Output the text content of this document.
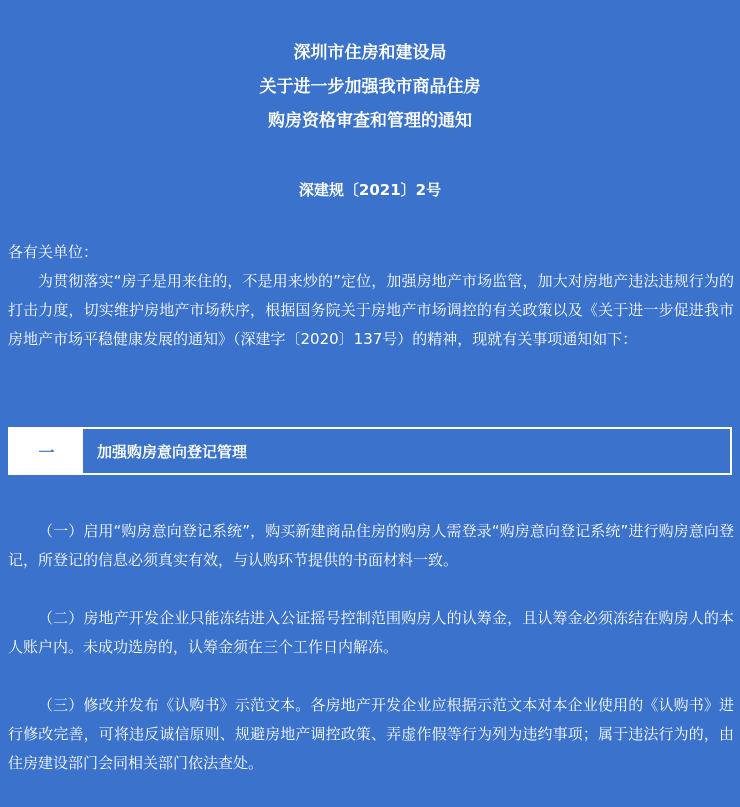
深圳市住房和建设局
关于进一步加强我市商品住房
购房资格审查和管理的通知
深建规〔2021〕2号

各有关单位：

为贯彻落实“房子是用来住的，不是用来炒的”定位，加强房地产市场监管，加大对房地产违法违规行为的打击力度，切实维护房地产市场秩序，根据国务院关于房地产市场调控的有关政策以及《关于进一步促进我市房地产市场平稳健康发展的通知》（深建字〔2020〕137号）的精神，现就有关事项通知如下：

一	加强购房意向登记管理

（一）启用“购房意向登记系统”，购买新建商品住房的购房人需登录“购房意向登记系统”进行购房意向登记，所登记的信息必须真实有效，与认购环节提供的书面材料一致。

（二）房地产开发企业只能冻结进入公证摇号控制范围购房人的认筹金，且认筹金必须冻结在购房人的本人账户内。未成功选房的，认筹金须在三个工作日内解冻。

（三）修改并发布《认购书》示范文本。各房地产开发企业应根据示范文本对本企业使用的《认购书》进行修改完善，可将违反诚信原则、规避房地产调控政策、弄虚作假等行为列为违约事项；属于违法行为的，由住房建设部门会同相关部门依法查处。
